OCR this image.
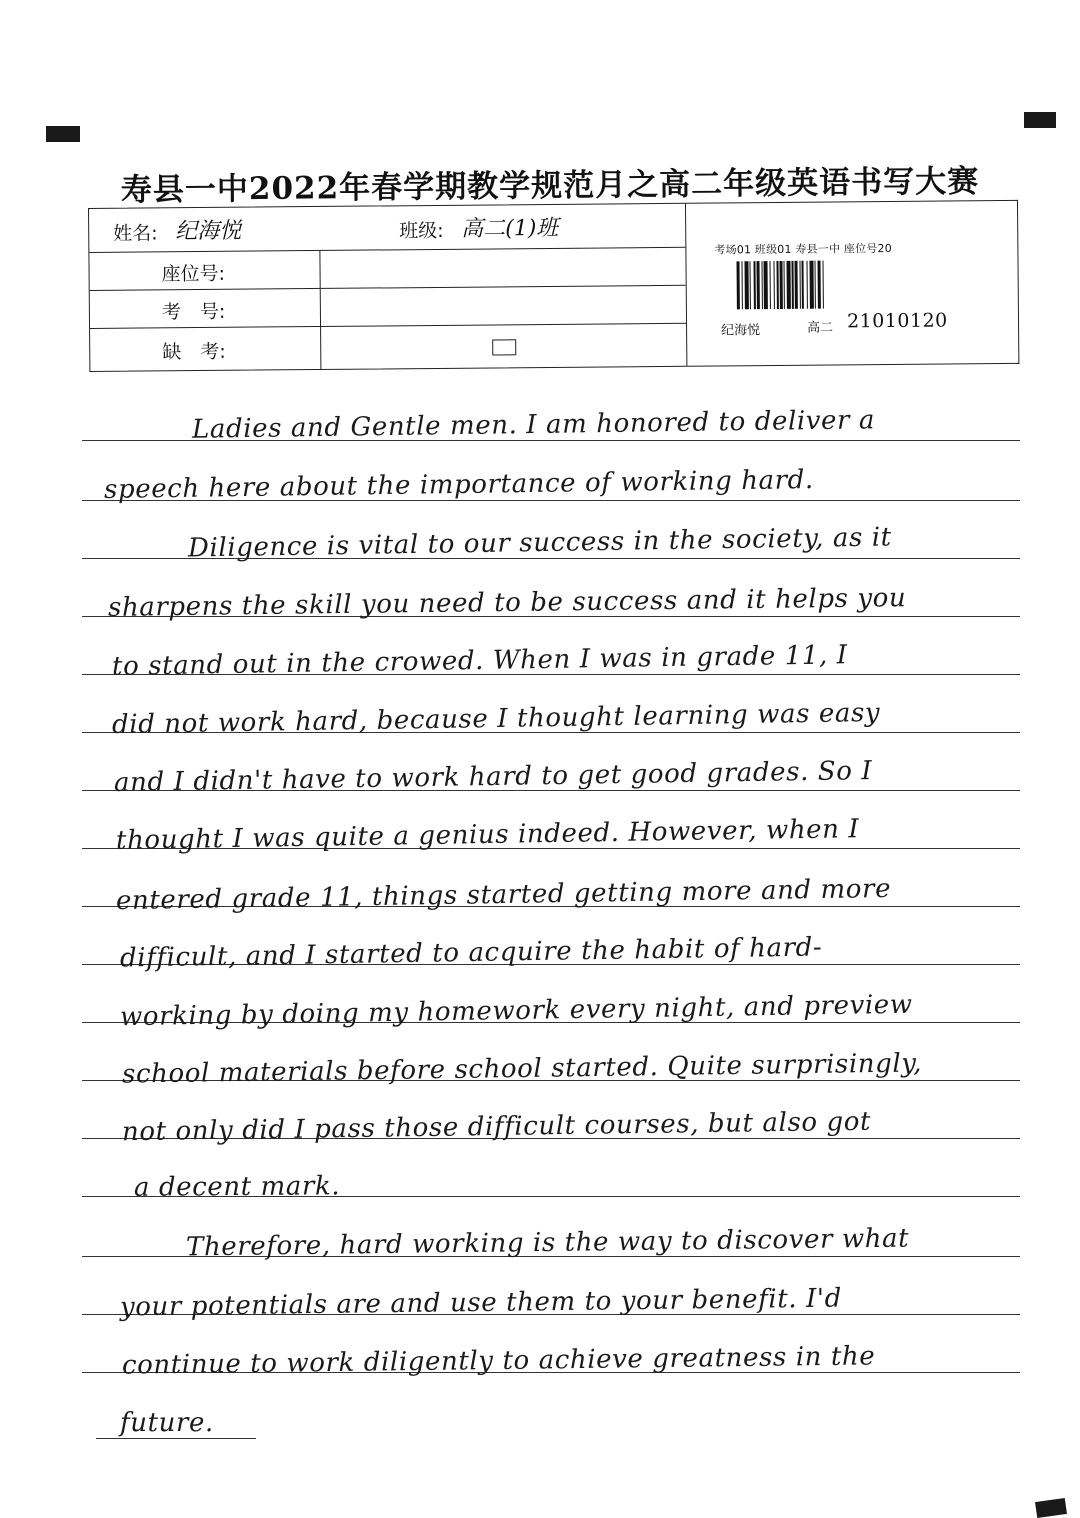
寿县一中2022年春学期教学规范月之高二年级英语书写大赛
姓名: 纪海悦	班级: 高二(1)班
座位号:
考　号:
缺　考:
考场01 班级01 寿县一中 座位号20
纪海悦	高二 21010120
Ladies and Gentle men. I am honored to deliver a
speech here about the importance of working hard.
Diligence is vital to our success in the society, as it
sharpens the skill you need to be success and it helps you
to stand out in the crowed. When I was in grade 11, I
did not work hard, because I thought learning was easy
and I didn't have to work hard to get good grades. So I
thought I was quite a genius indeed. However, when I
entered grade 11, things started getting more and more
difficult, and I started to acquire the habit of hard-
working by doing my homework every night, and preview
school materials before school started. Quite surprisingly,
not only did I pass those difficult courses, but also got
a decent mark.
Therefore, hard working is the way to discover what
your potentials are and use them to your benefit. I'd
continue to work diligently to achieve greatness in the
future.
